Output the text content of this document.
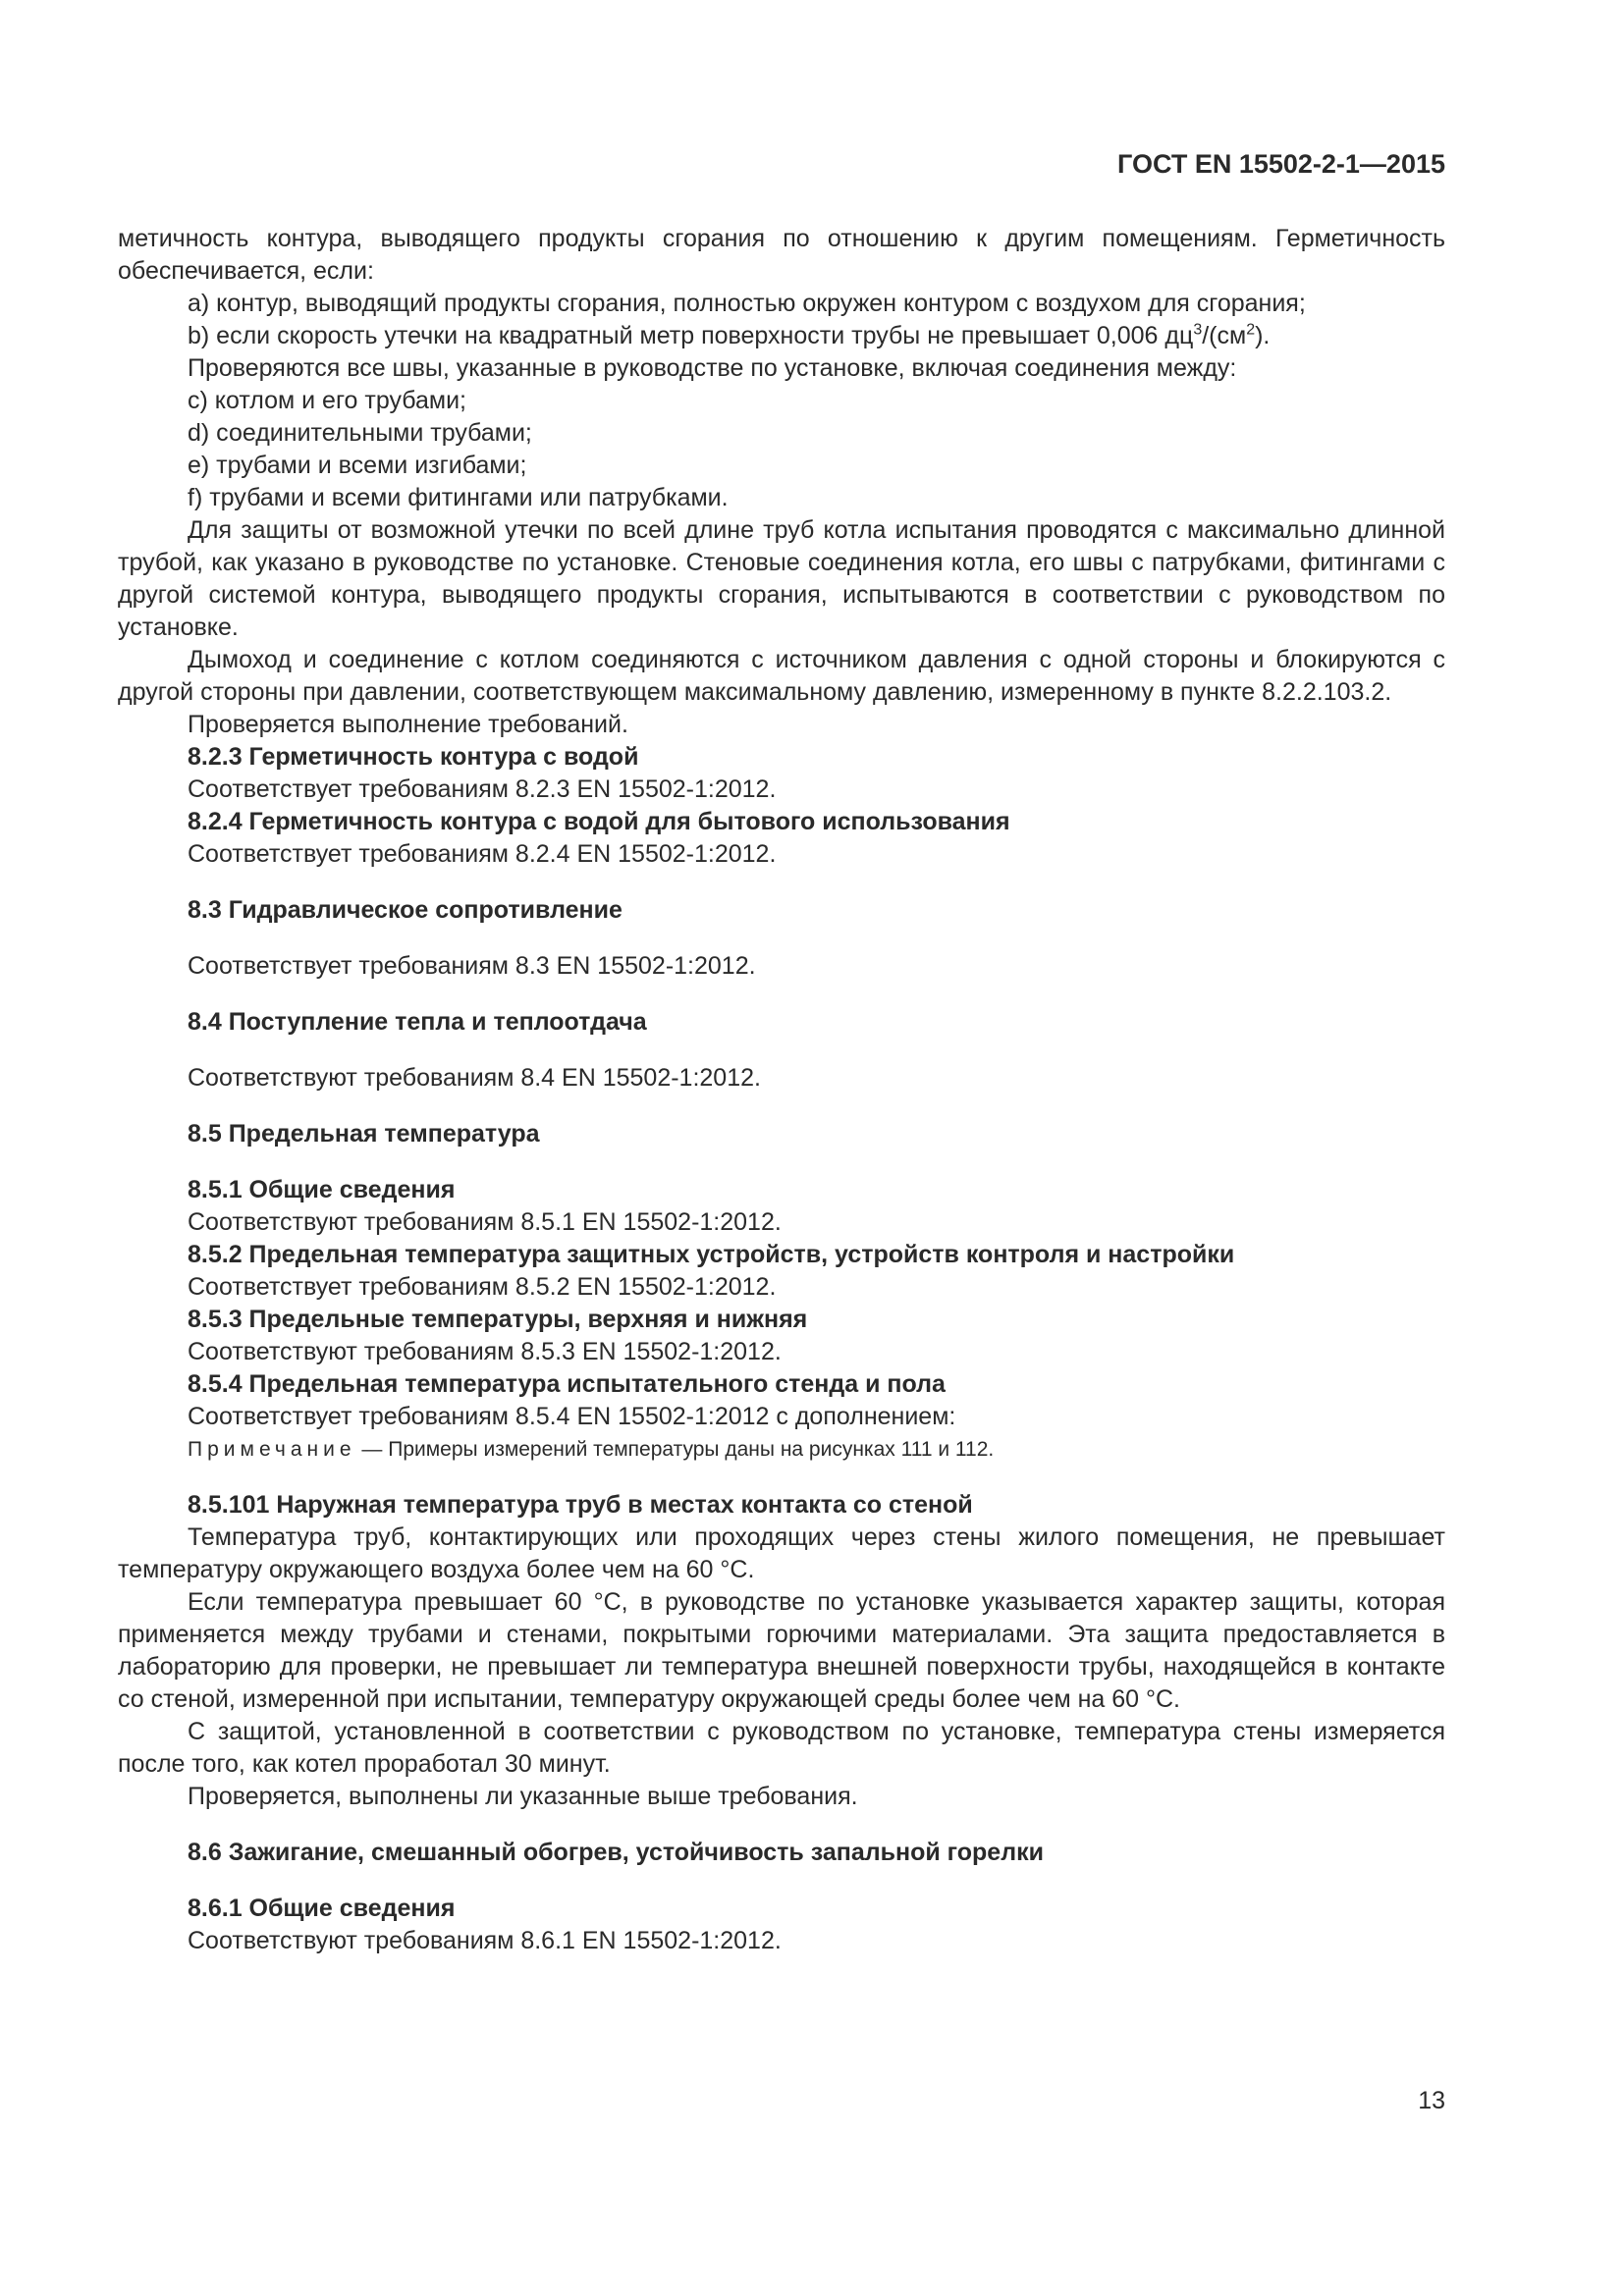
ГОСТ EN 15502-2-1—2015

метичность контура, выводящего продукты сгорания по отношению к другим помещениям. Герметичность обеспечивается, если:

a) контур, выводящий продукты сгорания, полностью окружен контуром с воздухом для сгорания;

b) если скорость утечки на квадратный метр поверхности трубы не превышает 0,006 $дц^3/(см^2)$.

Проверяются все швы, указанные в руководстве по установке, включая соединения между:

c) котлом и его трубами;

d) соединительными трубами;

e) трубами и всеми изгибами;

f) трубами и всеми фитингами или патрубками.

Для защиты от возможной утечки по всей длине труб котла испытания проводятся с максимально длинной трубой, как указано в руководстве по установке. Стеновые соединения котла, его швы с патрубками, фитингами с другой системой контура, выводящего продукты сгорания, испытываются в соответствии с руководством по установке.

Дымоход и соединение с котлом соединяются с источником давления с одной стороны и блокируются с другой стороны при давлении, соответствующем максимальному давлению, измеренному в пункте 8.2.2.103.2.

Проверяется выполнение требований.

8.2.3 Герметичность контура с водой

Соответствует требованиям 8.2.3 EN 15502-1:2012.

8.2.4 Герметичность контура с водой для бытового использования

Соответствует требованиям 8.2.4 EN 15502-1:2012.

8.3 Гидравлическое сопротивление

Соответствует требованиям 8.3 EN 15502-1:2012.

8.4 Поступление тепла и теплоотдача

Соответствуют требованиям 8.4 EN 15502-1:2012.

8.5 Предельная температура

8.5.1 Общие сведения

Соответствуют требованиям 8.5.1 EN 15502-1:2012.

8.5.2 Предельная температура защитных устройств, устройств контроля и настройки

Соответствует требованиям 8.5.2 EN 15502-1:2012.

8.5.3 Предельные температуры, верхняя и нижняя

Соответствуют требованиям 8.5.3 EN 15502-1:2012.

8.5.4 Предельная температура испытательного стенда и пола

Соответствует требованиям 8.5.4 EN 15502-1:2012 с дополнением:

Примечание — Примеры измерений температуры даны на рисунках 111 и 112.

8.5.101 Наружная температура труб в местах контакта со стеной

Температура труб, контактирующих или проходящих через стены жилого помещения, не превышает температуру окружающего воздуха более чем на 60 °C.

Если температура превышает 60 °C, в руководстве по установке указывается характер защиты, которая применяется между трубами и стенами, покрытыми горючими материалами. Эта защита предоставляется в лабораторию для проверки, не превышает ли температура внешней поверхности трубы, находящейся в контакте со стеной, измеренной при испытании, температуру окружающей среды более чем на 60 °C.

С защитой, установленной в соответствии с руководством по установке, температура стены измеряется после того, как котел проработал 30 минут.

Проверяется, выполнены ли указанные выше требования.

8.6 Зажигание, смешанный обогрев, устойчивость запальной горелки

8.6.1 Общие сведения

Соответствуют требованиям 8.6.1 EN 15502-1:2012.

13
